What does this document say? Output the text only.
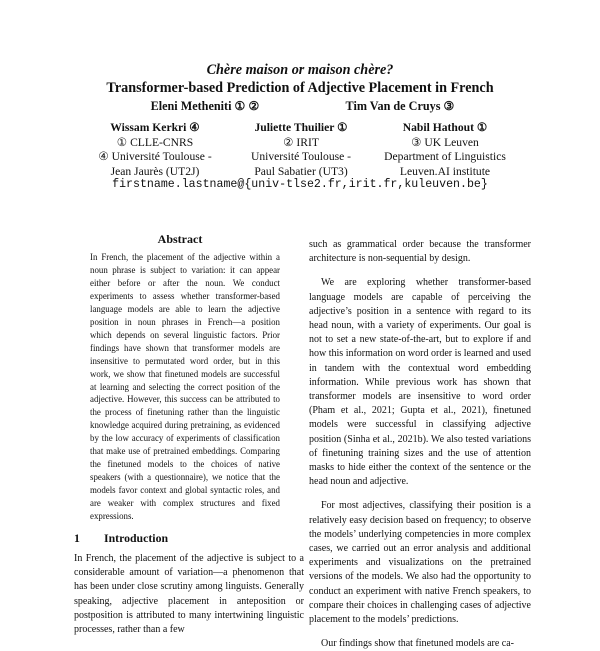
Chère maison or maison chère?
Transformer-based Prediction of Adjective Placement in French
Eleni Metheniti ① ②	Tim Van de Cruys ③
Wissam Kerkri ④
① CLLE-CNRS
④ Université Toulouse -
Jean Jaurès (UT2J)
Juliette Thuilier ①
② IRIT
Université Toulouse -
Paul Sabatier (UT3)
Nabil Hathout ①
③ UK Leuven
Department of Linguistics
Leuven.AI institute
firstname.lastname@{univ-tlse2.fr,irit.fr,kuleuven.be}
Abstract

In French, the placement of the adjective within a noun phrase is subject to variation: it can appear either before or after the noun. We conduct experiments to assess whether transformer-based language models are able to learn the adjective position in noun phrases in French—a position which depends on several linguistic factors. Prior findings have shown that transformer models are insensitive to permutated word order, but in this work, we show that finetuned models are successful at learning and selecting the correct position of the adjective. However, this success can be attributed to the process of finetuning rather than the linguistic knowledge acquired during pretraining, as evidenced by the low accuracy of experiments of classification that make use of pretrained embeddings. Comparing the finetuned models to the choices of native speakers (with a questionnaire), we notice that the models favor context and global syntactic roles, and are weaker with complex structures and fixed expressions.

1 Introduction

In French, the placement of the adjective is subject to a considerable amount of variation—a phenomenon that has been under close scrutiny among linguists. Generally speaking, adjective placement in anteposition or postposition is attributed to many intertwining linguistic processes, rather than a few

such as grammatical order because the transformer architecture is non-sequential by design.

We are exploring whether transformer-based language models are capable of perceiving the adjective’s position in a sentence with regard to its head noun, with a variety of experiments. Our goal is not to set a new state-of-the-art, but to explore if and how this information on word order is learned and used in tandem with the contextual word embedding information. While previous work has shown that transformer models are insensitive to word order (Pham et al., 2021; Gupta et al., 2021), finetuned models were successful in classifying adjective position (Sinha et al., 2021b). We also tested variations of finetuning training sizes and the use of attention masks to hide either the context of the sentence or the head noun and adjective.

For most adjectives, classifying their position is a relatively easy decision based on frequency; to observe the models’ underlying competencies in more complex cases, we carried out an error analysis and additional experiments and visualizations on the pretrained versions of the models. We also had the opportunity to conduct an experiment with native French speakers, to compare their choices in challenging cases of adjective placement to the models’ predictions.

Our findings show that finetuned models are ca-
